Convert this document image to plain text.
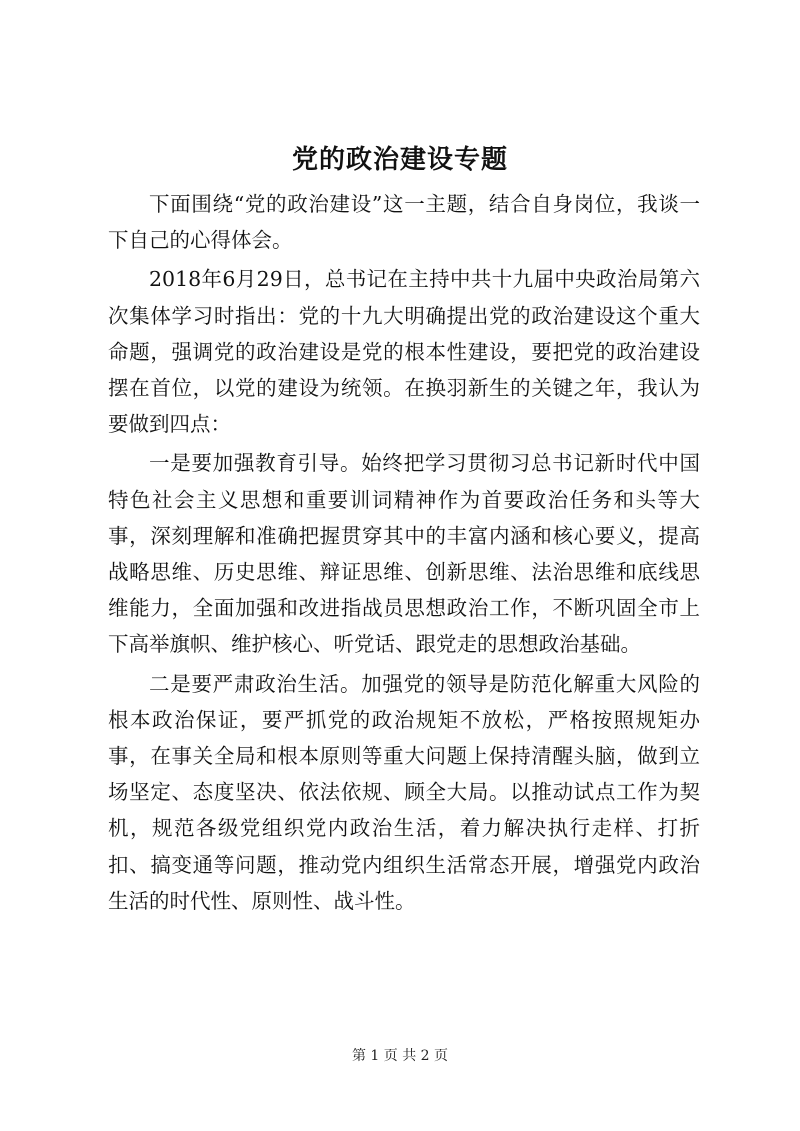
党的政治建设专题

下面围绕“党的政治建设”这一主题，结合自身岗位，我谈一下自己的心得体会。

2018年6月29日，总书记在主持中共十九届中央政治局第六次集体学习时指出：党的十九大明确提出党的政治建设这个重大命题，强调党的政治建设是党的根本性建设，要把党的政治建设摆在首位，以党的建设为统领。在换羽新生的关键之年，我认为要做到四点：

一是要加强教育引导。始终把学习贯彻习总书记新时代中国特色社会主义思想和重要训词精神作为首要政治任务和头等大事，深刻理解和准确把握贯穿其中的丰富内涵和核心要义，提高战略思维、历史思维、辩证思维、创新思维、法治思维和底线思维能力，全面加强和改进指战员思想政治工作，不断巩固全市上下高举旗帜、维护核心、听党话、跟党走的思想政治基础。

二是要严肃政治生活。加强党的领导是防范化解重大风险的根本政治保证，要严抓党的政治规矩不放松，严格按照规矩办事，在事关全局和根本原则等重大问题上保持清醒头脑，做到立场坚定、态度坚决、依法依规、顾全大局。以推动试点工作为契机，规范各级党组织党内政治生活，着力解决执行走样、打折扣、搞变通等问题，推动党内组织生活常态开展，增强党内政治生活的时代性、原则性、战斗性。

第 1 页 共 2 页
